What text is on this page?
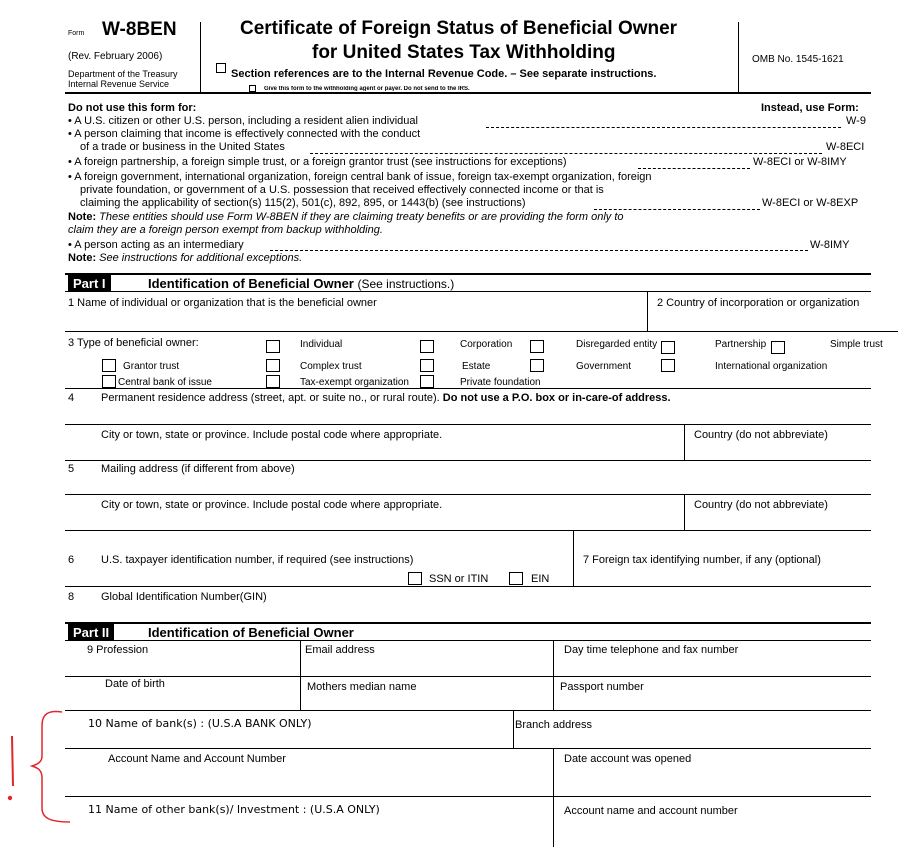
Form W-8BEN
(Rev. February 2006)
Department of the Treasury
Internal Revenue Service
Certificate of Foreign Status of Beneficial Owner
for United States Tax Withholding
Section references are to the Internal Revenue Code. – See separate instructions.
Give this form to the withholding agent or payer. Do not send to the IRS.
OMB No. 1545-1621
Do not use this form for:	Instead, use Form:
• A U.S. citizen or other U.S. person, including a resident alien individual	W-9
• A person claiming that income is effectively connected with the conduct
of a trade or business in the United States	W-8ECI
• A foreign partnership, a foreign simple trust, or a foreign grantor trust (see instructions for exceptions)	W-8ECI or W-8IMY
• A foreign government, international organization, foreign central bank of issue, foreign tax-exempt organization, foreign
private foundation, or government of a U.S. possession that received effectively connected income or that is
claiming the applicability of section(s) 115(2), 501(c), 892, 895, or 1443(b) (see instructions)	W-8ECI or W-8EXP
Note: These entities should use Form W-8BEN if they are claiming treaty benefits or are providing the form only to
claim they are a foreign person exempt from backup withholding.
• A person acting as an intermediary	W-8IMY
Note: See instructions for additional exceptions.
Part I	Identification of Beneficial Owner (See instructions.)
1 Name of individual or organization that is the beneficial owner	2 Country of incorporation or organization
3 Type of beneficial owner:	Individual	Corporation	Disregarded entity	Partnership	Simple trust
Grantor trust	Complex trust	Estate	Government	International organization
Central bank of issue	Tax-exempt organization	Private foundation
4 Permanent residence address (street, apt. or suite no., or rural route). Do not use a P.O. box or in-care-of address.
City or town, state or province. Include postal code where appropriate.	Country (do not abbreviate)
5 Mailing address (if different from above)
City or town, state or province. Include postal code where appropriate.	Country (do not abbreviate)
6 U.S. taxpayer identification number, if required (see instructions)	7 Foreign tax identifying number, if any (optional)
SSN or ITIN	EIN
8 Global Identification Number(GIN)
Part II	Identification of Beneficial Owner
9 Profession	Email address	Day time telephone and fax number
Date of birth	Mothers median name	Passport number
10 Name of bank(s) : (U.S.A BANK ONLY)	Branch address
Account Name and Account Number	Date account was opened
11 Name of other bank(s)/ Investment : (U.S.A ONLY)	Account name and account number
